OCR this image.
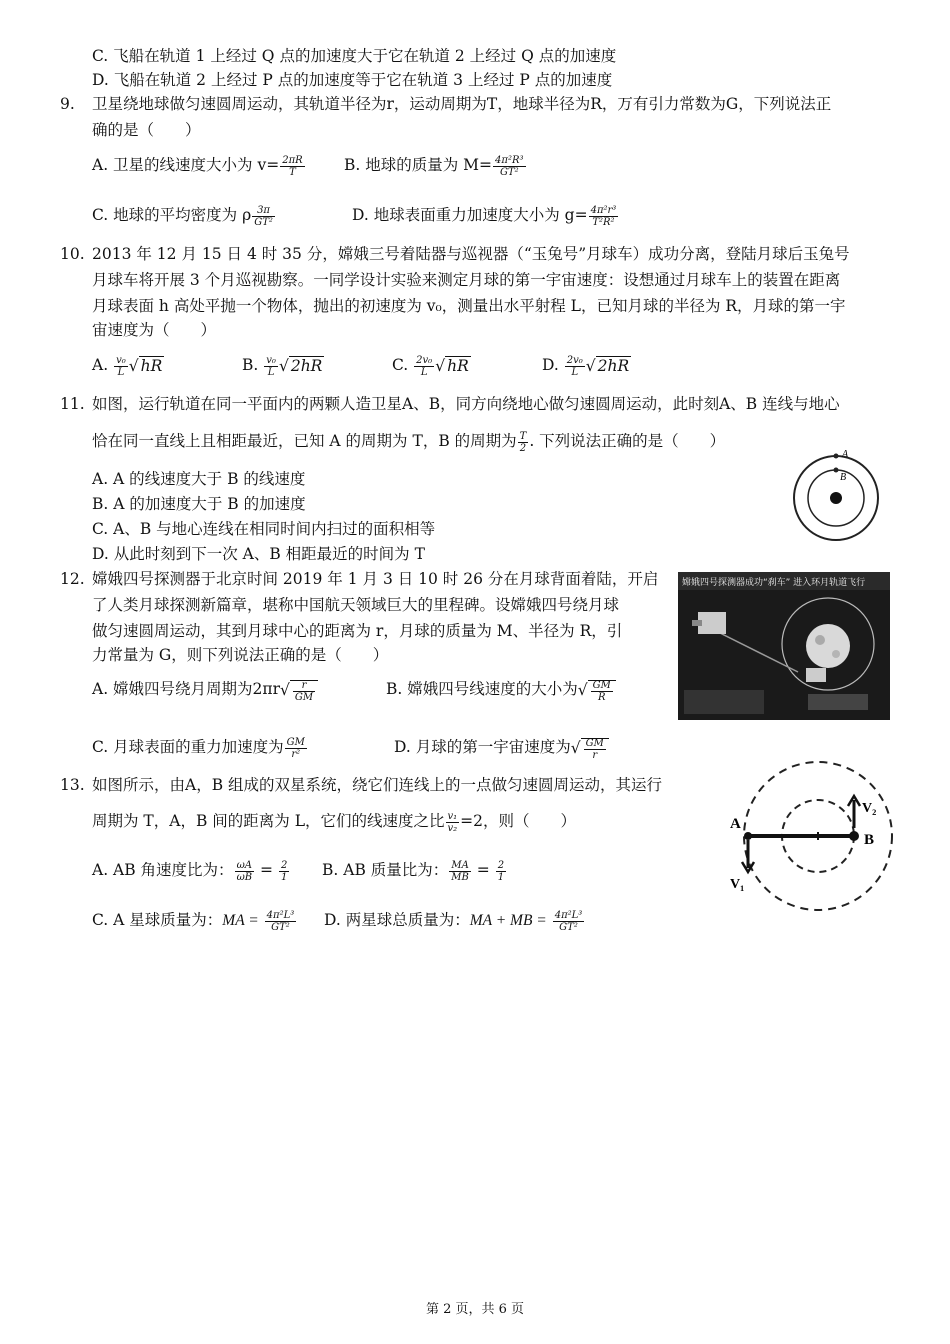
C. 飞船在轨道 1 上经过 Q 点的加速度大于它在轨道 2 上经过 Q 点的加速度
D. 飞船在轨道 2 上经过 P 点的加速度等于它在轨道 3 上经过 P 点的加速度
9. 卫星绕地球做匀速圆周运动，其轨道半径为r，运动周期为T，地球半径为R，万有引力常数为G，下列说法正
确的是（　　）
A. 卫星的线速度大小为 $v= \frac{2\pi R}{T}$	B. 地球的质量为 $M= \frac{\text{4π²R³}}{\text{GT²}}$
C. 地球的平均密度为 ρ $\frac{3\pi}{\text{GT²}}$	D. 地球表面重力加速度大小为 $g= \frac{\text{4π²r³}}{\text{T²R²}}$
10. 2013 年 12 月 15 日 4 时 35 分，嫦娥三号着陆器与巡视器（“玉兔号”月球车）成功分离，登陆月球后玉兔号
月球车将开展 3 个月巡视勘察。一同学设计实验来测定月球的第一宇宙速度：设想通过月球车上的装置在距离
月球表面 h 高处平抛一个物体，抛出的初速度为 v₀，测量出水平射程 L，已知月球的半径为 R，月球的第一宇
宙速度为（　　）
A. $\frac{\text{v₀}}{L}$ √ hR	B. $\frac{\text{v₀}}{L}$ √ 2hR	C. $\frac{\text{2v₀}}{L}$ √ hR	D. $\frac{\text{2v₀}}{L}$ √ 2hR
11. 如图，运行轨道在同一平面内的两颗人造卫星A、B，同方向绕地心做匀速圆周运动，此时刻A、B 连线与地心
恰在同一直线上且相距最近，已知 A 的周期为 T，B 的周期为 $\frac{T}{2}$ . 下列说法正确的是（　　）
A. A 的线速度大于 B 的线速度
B. A 的加速度大于 B 的加速度
C. A、B 与地心连线在相同时间内扫过的面积相等
D. 从此时刻到下一次 A、B 相距最近的时间为 T
A
B
12. 嫦娥四号探测器于北京时间 2019 年 1 月 3 日 10 时 26 分在月球背面着陆，开启
了人类月球探测新篇章，堪称中国航天领域巨大的里程碑。设嫦娥四号绕月球
做匀速圆周运动，其到月球中心的距离为 r，月球的质量为 M、半径为 R，引
力常量为 G，则下列说法正确的是（　　）
A. 嫦娥四号绕月周期为$2\pi r√ \frac{r}{GM}$	B. 嫦娥四号线速度的大小为√ $\frac{GM}{R}$
C. 月球表面的重力加速度为 $\frac{GM}{\text{r²}}$	D. 月球的第一宇宙速度为√ $\frac{GM}{r}$
嫦娥四号探测器成功“刹车” 进入环月轨道飞行
13. 如图所示，由A，B 组成的双星系统，绕它们连线上的一点做匀速圆周运动，其运行
周期为 T，A，B 间的距离为 L，它们的线速度之比 $\frac{\text{v₁}}{\text{v₂}} =2$，则（　　）
A. AB 角速度比为： $\frac{\omega A}{\omega B} = \frac{2}{1} B$. AB 质量比为： $\frac{MA}{MB} = \frac{2}{1}$
C. A 星球质量为：MA = $\frac{\text{4π²L³}}{\text{GT²}} D$. 两星球总质量为：MA + MB = $\frac{\text{4π²L³}}{\text{GT²}}$
A
B
V₁
V₂
第 2 页，共 6 页
